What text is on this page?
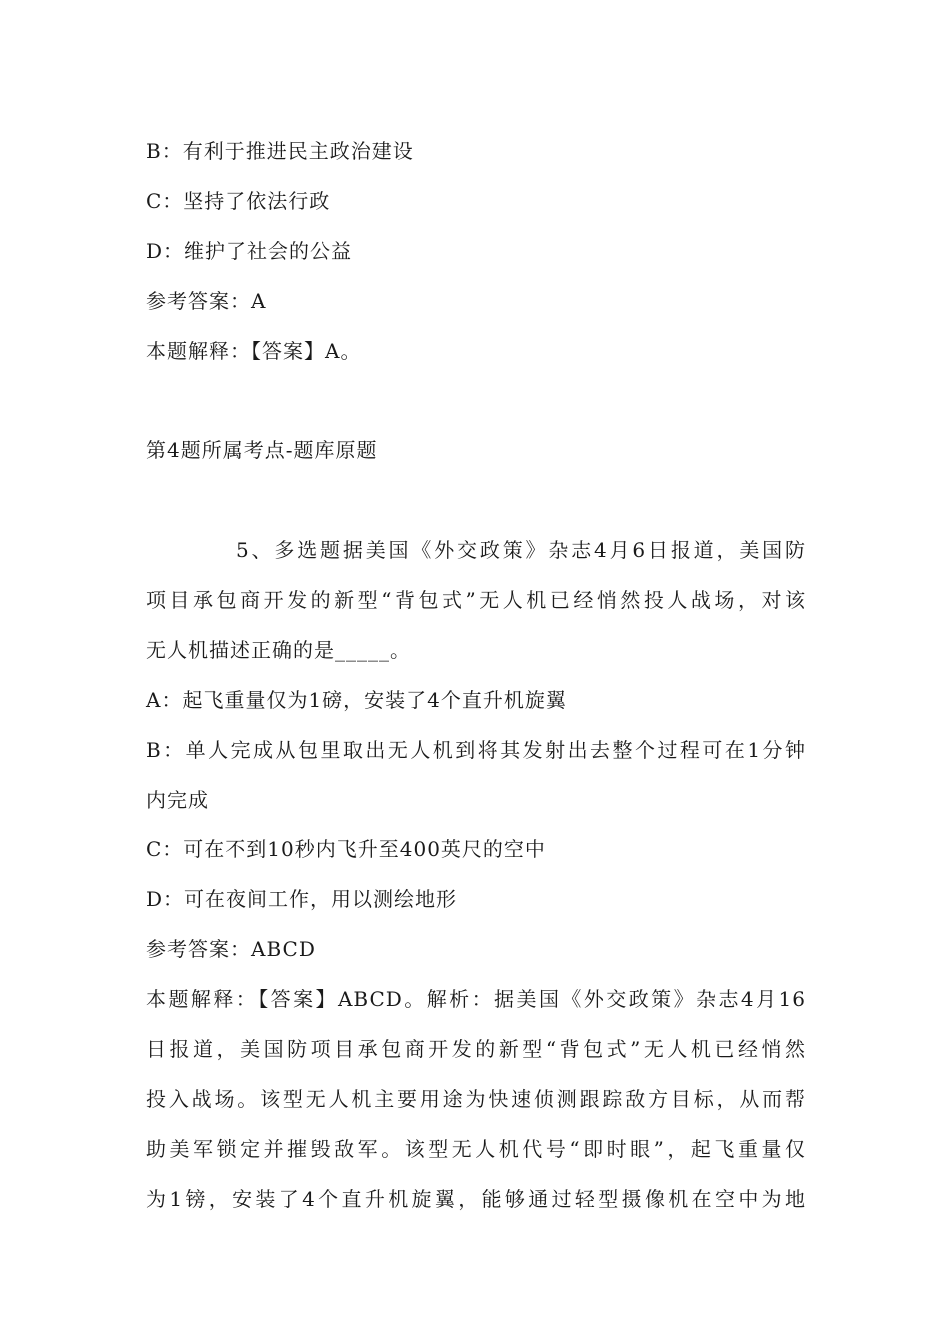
B：有利于推进民主政治建设
C：坚持了依法行政
D：维护了社会的公益
参考答案：A
本题解释：【答案】A。
第4题所属考点-题库原题
5、多选题据美国《外交政策》杂志4月6日报道，美国防
项目承包商开发的新型“背包式”无人机已经悄然投人战场，对该
无人机描述正确的是_____。
A：起飞重量仅为1磅，安装了4个直升机旋翼
B：单人完成从包里取出无人机到将其发射出去整个过程可在1分钟
内完成
C：可在不到10秒内飞升至400英尺的空中
D：可在夜间工作，用以测绘地形
参考答案：ABCD
本题解释：【答案】ABCD。解析：据美国《外交政策》杂志4月16
日报道，美国防项目承包商开发的新型“背包式”无人机已经悄然
投入战场。该型无人机主要用途为快速侦测跟踪敌方目标，从而帮
助美军锁定并摧毁敌军。该型无人机代号“即时眼”，起飞重量仅
为1镑，安装了4个直升机旋翼，能够通过轻型摄像机在空中为地
